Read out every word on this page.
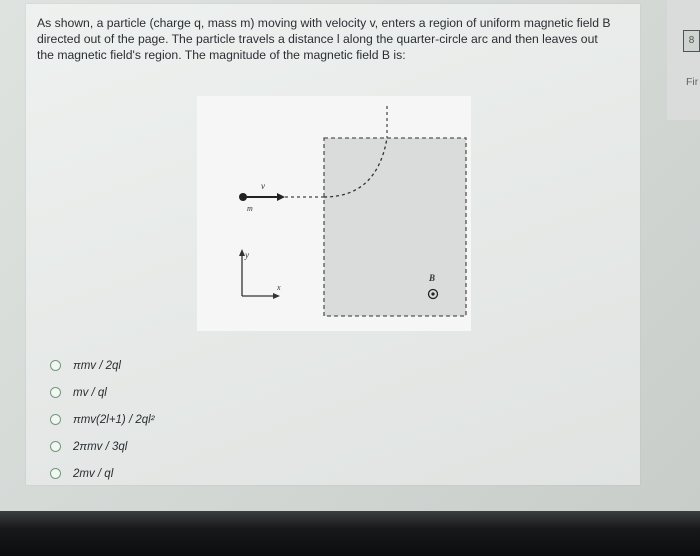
As shown, a particle (charge q, mass m) moving with velocity v, enters a region of uniform magnetic field B directed out of the page. The particle travels a distance l along the quarter-circle arc and then leaves out the magnetic field's region. The magnitude of the magnetic field B is:
v
m
y
x
B
πmv / 2ql
mv / ql
πmv(2l+1) / 2ql²
2πmv / 3ql
2mv / ql
8
Fir
